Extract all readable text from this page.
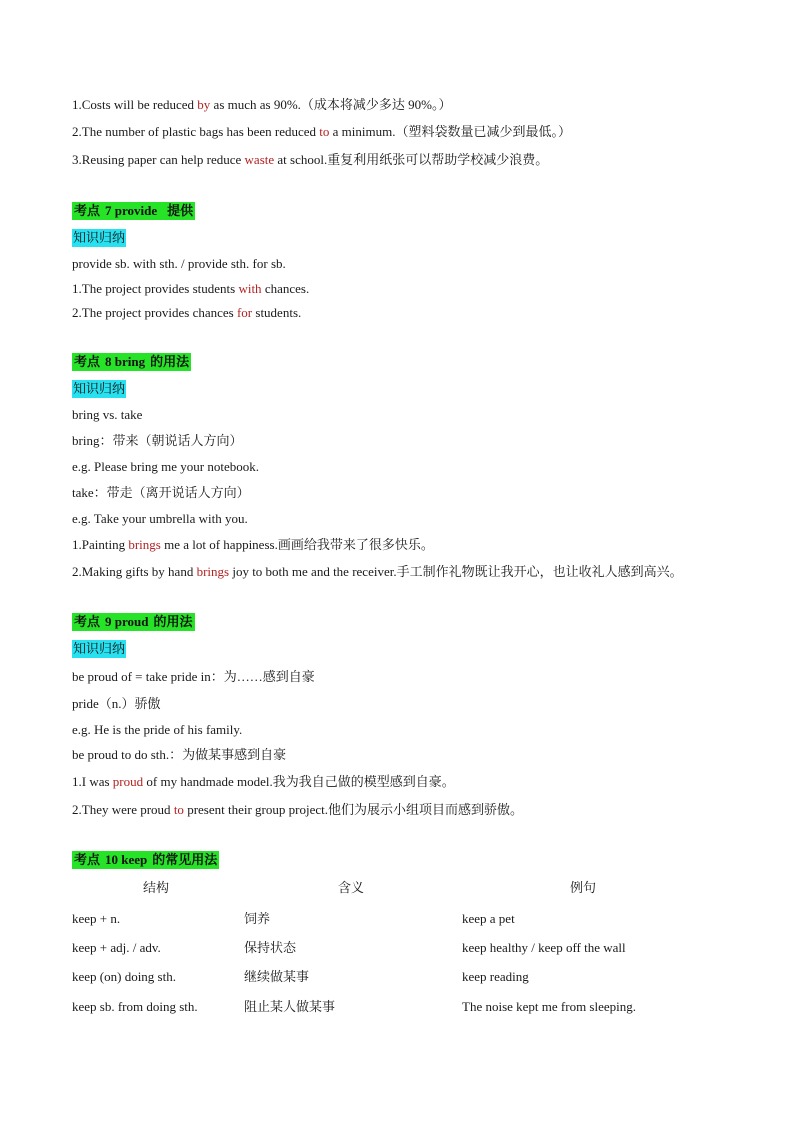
1.Costs will be reduced by as much as 90%.（成本将减少多达 90%。）
2.The number of plastic bags has been reduced to a minimum.（塑料袋数量已减少到最低。）
3.Reusing paper can help reduce waste at school.重复利用纸张可以帮助学校减少浪费。
考点 7 provide 提供
知识归纳
provide sb. with sth. / provide sth. for sb.
1.The project provides students with chances.
2.The project provides chances for students.
考点 8 bring 的用法
知识归纳
bring vs. take
bring：带来（朝说话人方向）
e.g. Please bring me your notebook.
take：带走（离开说话人方向）
e.g. Take your umbrella with you.
1.Painting brings me a lot of happiness.画画给我带来了很多快乐。
2.Making gifts by hand brings joy to both me and the receiver.手工制作礼物既让我开心，也让收礼人感到高兴。
考点 9 proud 的用法
知识归纳
be proud of = take pride in：为……感到自豪
pride（n.）骄傲
e.g. He is the pride of his family.
be proud to do sth.：为做某事感到自豪
1.I was proud of my handmade model.我为我自己做的模型感到自豪。
2.They were proud to present their group project.他们为展示小组项目而感到骄傲。
考点 10 keep 的常见用法
结构	含义	例句
keep + n.	饲养	keep a pet
keep + adj. / adv.	保持状态	keep healthy / keep off the wall
keep (on) doing sth.	继续做某事	keep reading
keep sb. from doing sth.	阻止某人做某事	The noise kept me from sleeping.
